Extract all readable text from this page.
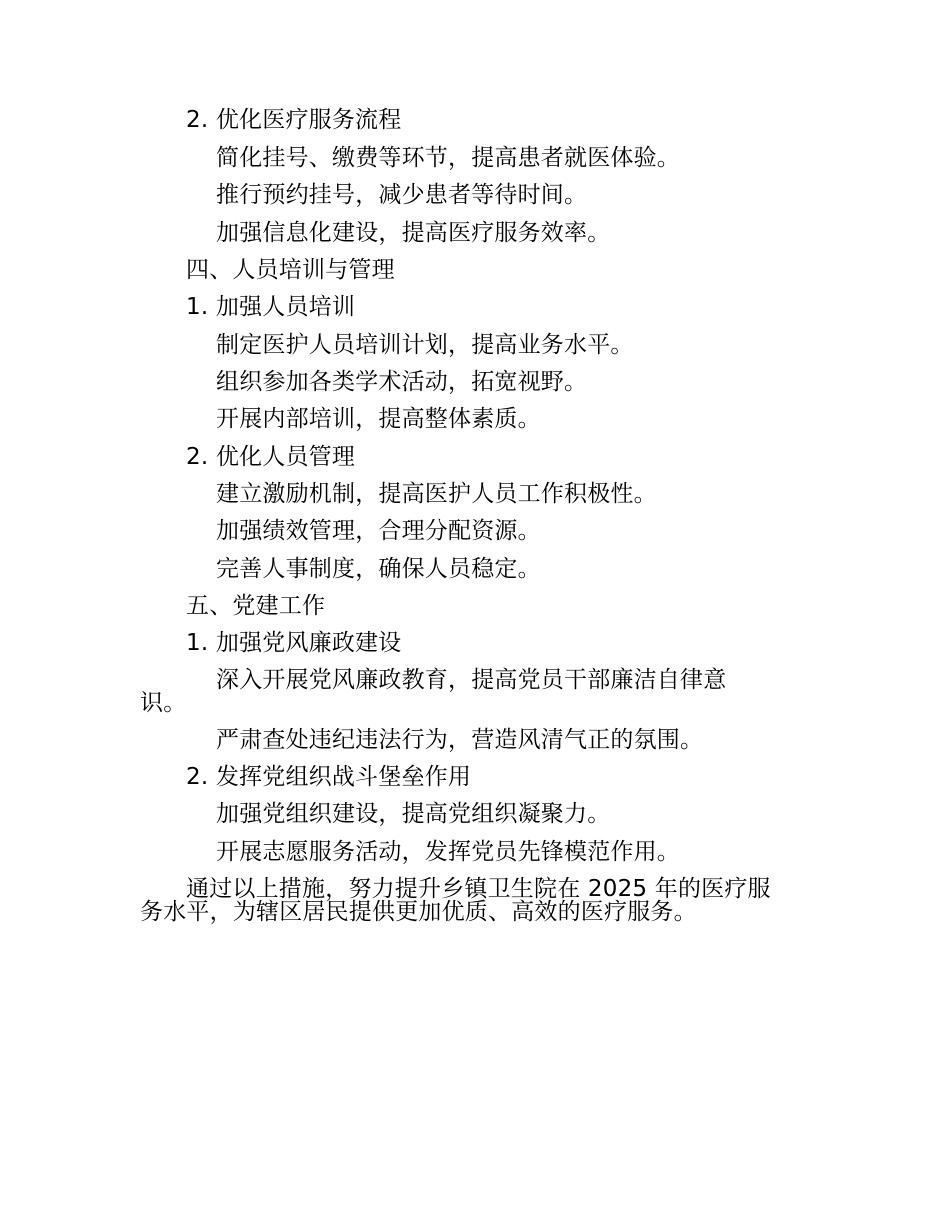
2. 优化医疗服务流程
简化挂号、缴费等环节，提高患者就医体验。
推行预约挂号，减少患者等待时间。
加强信息化建设，提高医疗服务效率。
四、人员培训与管理
1. 加强人员培训
制定医护人员培训计划，提高业务水平。
组织参加各类学术活动，拓宽视野。
开展内部培训，提高整体素质。
2. 优化人员管理
建立激励机制，提高医护人员工作积极性。
加强绩效管理，合理分配资源。
完善人事制度，确保人员稳定。
五、党建工作
1. 加强党风廉政建设
深入开展党风廉政教育，提高党员干部廉洁自律意
识。
严肃查处违纪违法行为，营造风清气正的氛围。
2. 发挥党组织战斗堡垒作用
加强党组织建设，提高党组织凝聚力。
开展志愿服务活动，发挥党员先锋模范作用。
通过以上措施，努力提升乡镇卫生院在 2025 年的医疗服
务水平，为辖区居民提供更加优质、高效的医疗服务。
